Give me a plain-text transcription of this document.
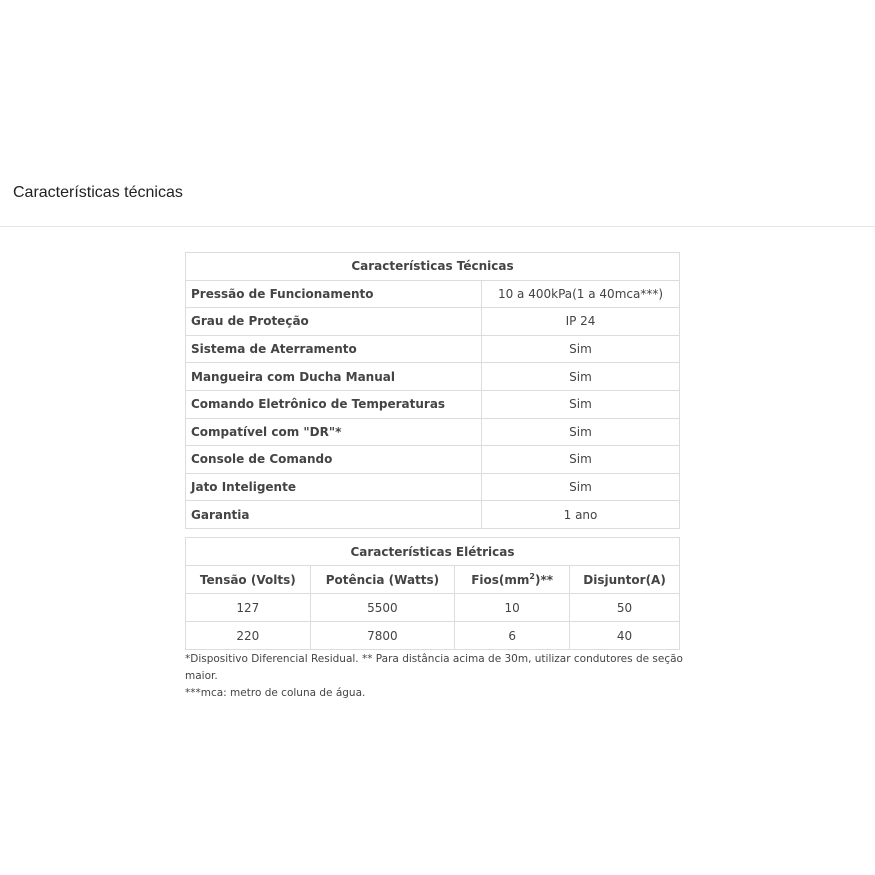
Características técnicas
Características Técnicas	
Pressão de Funcionamento	10 a 400kPa(1 a 40mca***)
Grau de Proteção	IP 24
Sistema de Aterramento	Sim
Mangueira com Ducha Manual	Sim
Comando Eletrônico de Temperaturas	Sim
Compatível com "DR"*	Sim
Console de Comando	Sim
Jato Inteligente	Sim
Garantia	1 ano
Características Elétricas			
Tensão (Volts)	Potência (Watts)	$Fios(mm^2)**$	Disjuntor(A)
127	5500	10	50
220	7800	6	40
*Dispositivo Diferencial Residual. ** Para distância acima de 30m, utilizar condutores de seção maior.
***mca: metro de coluna de água.
